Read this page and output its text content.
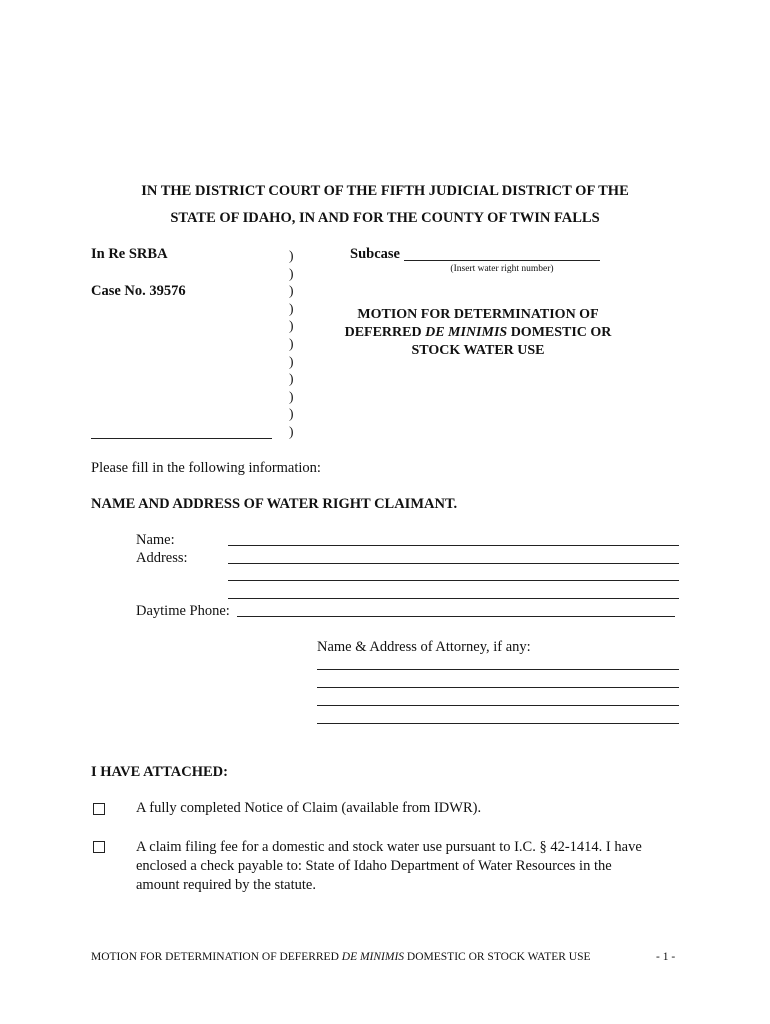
IN THE DISTRICT COURT OF THE FIFTH JUDICIAL DISTRICT OF THE
STATE OF IDAHO, IN AND FOR THE COUNTY OF TWIN FALLS
In Re SRBA
Case No. 39576
)
)
)
)
)
)
)
)
)
)
)
Subcase
(Insert water right number)
MOTION FOR DETERMINATION OF
DEFERRED DE MINIMIS DOMESTIC OR
STOCK WATER USE
Please fill in the following information:
NAME AND ADDRESS OF WATER RIGHT CLAIMANT.
Name:
Address:
Daytime Phone:
Name & Address of Attorney, if any:
I HAVE ATTACHED:
A fully completed Notice of Claim (available from IDWR).
A claim filing fee for a domestic and stock water use pursuant to I.C. § 42-1414. I have
enclosed a check payable to: State of Idaho Department of Water Resources in the
amount required by the statute.
MOTION FOR DETERMINATION OF DEFERRED DE MINIMIS DOMESTIC OR STOCK WATER USE	- 1 -
